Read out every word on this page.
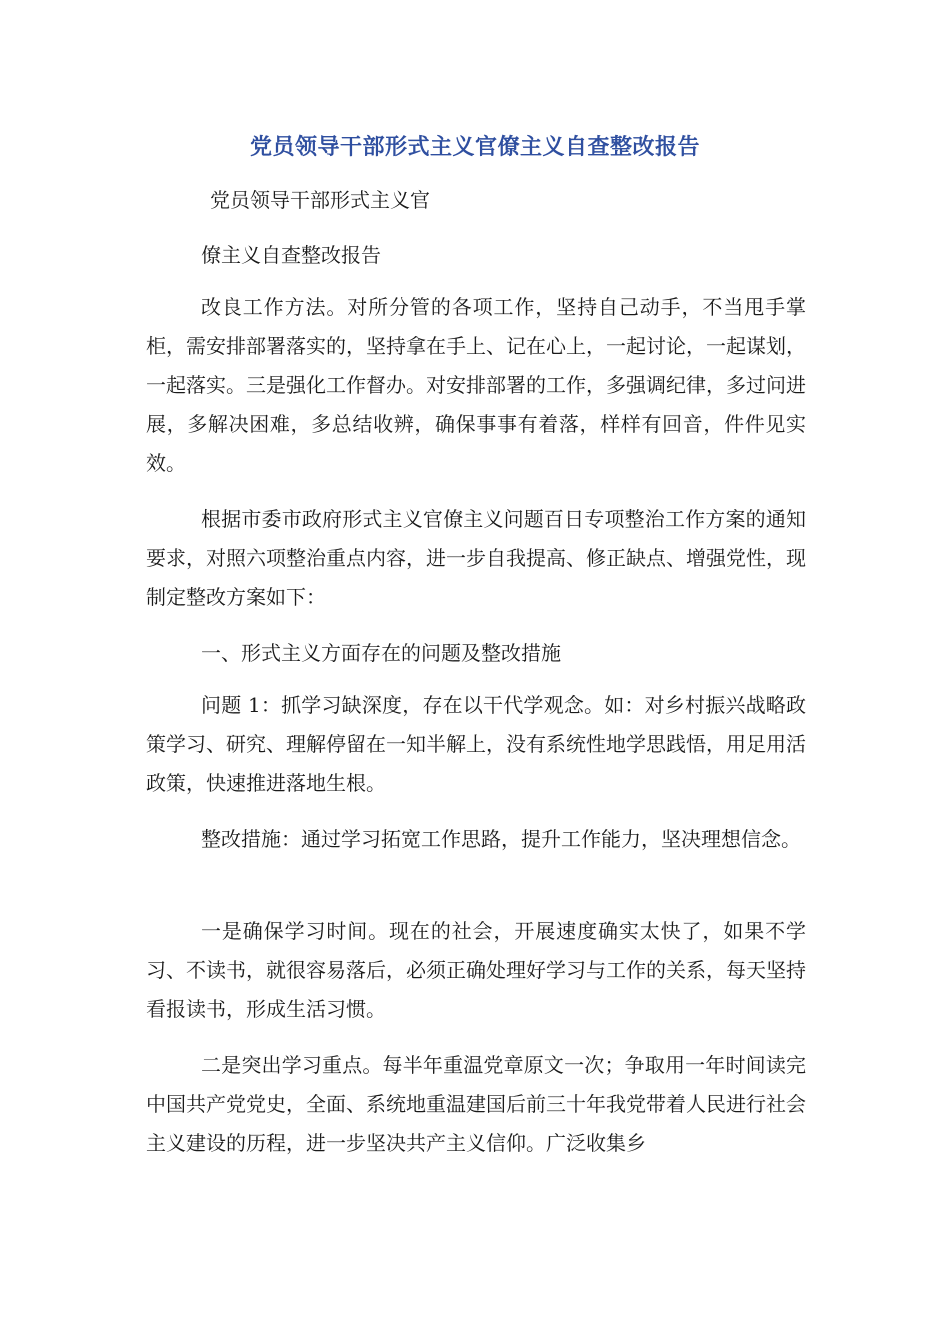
党员领导干部形式主义官僚主义自查整改报告
党员领导干部形式主义官

僚主义自查整改报告

改良工作方法。对所分管的各项工作，坚持自己动手，不当甩手掌柜，需安排部署落实的，坚持拿在手上、记在心上，一起讨论，一起谋划，一起落实。三是强化工作督办。对安排部署的工作，多强调纪律，多过问进展，多解决困难，多总结收辨，确保事事有着落，样样有回音，件件见实效。

根据市委市政府形式主义官僚主义问题百日专项整治工作方案的通知要求，对照六项整治重点内容，进一步自我提高、修正缺点、增强党性，现制定整改方案如下：

一、形式主义方面存在的问题及整改措施

问题 1：抓学习缺深度，存在以干代学观念。如：对乡村振兴战略政策学习、研究、理解停留在一知半解上，没有系统性地学思践悟，用足用活政策，快速推进落地生根。

整改措施：通过学习拓宽工作思路，提升工作能力，坚决理想信念。

一是确保学习时间。现在的社会，开展速度确实太快了，如果不学习、不读书，就很容易落后，必须正确处理好学习与工作的关系，每天坚持看报读书，形成生活习惯。

二是突出学习重点。每半年重温党章原文一次；争取用一年时间读完中国共产党党史，全面、系统地重温建国后前三十年我党带着人民进行社会主义建设的历程，进一步坚决共产主义信仰。广泛收集乡
